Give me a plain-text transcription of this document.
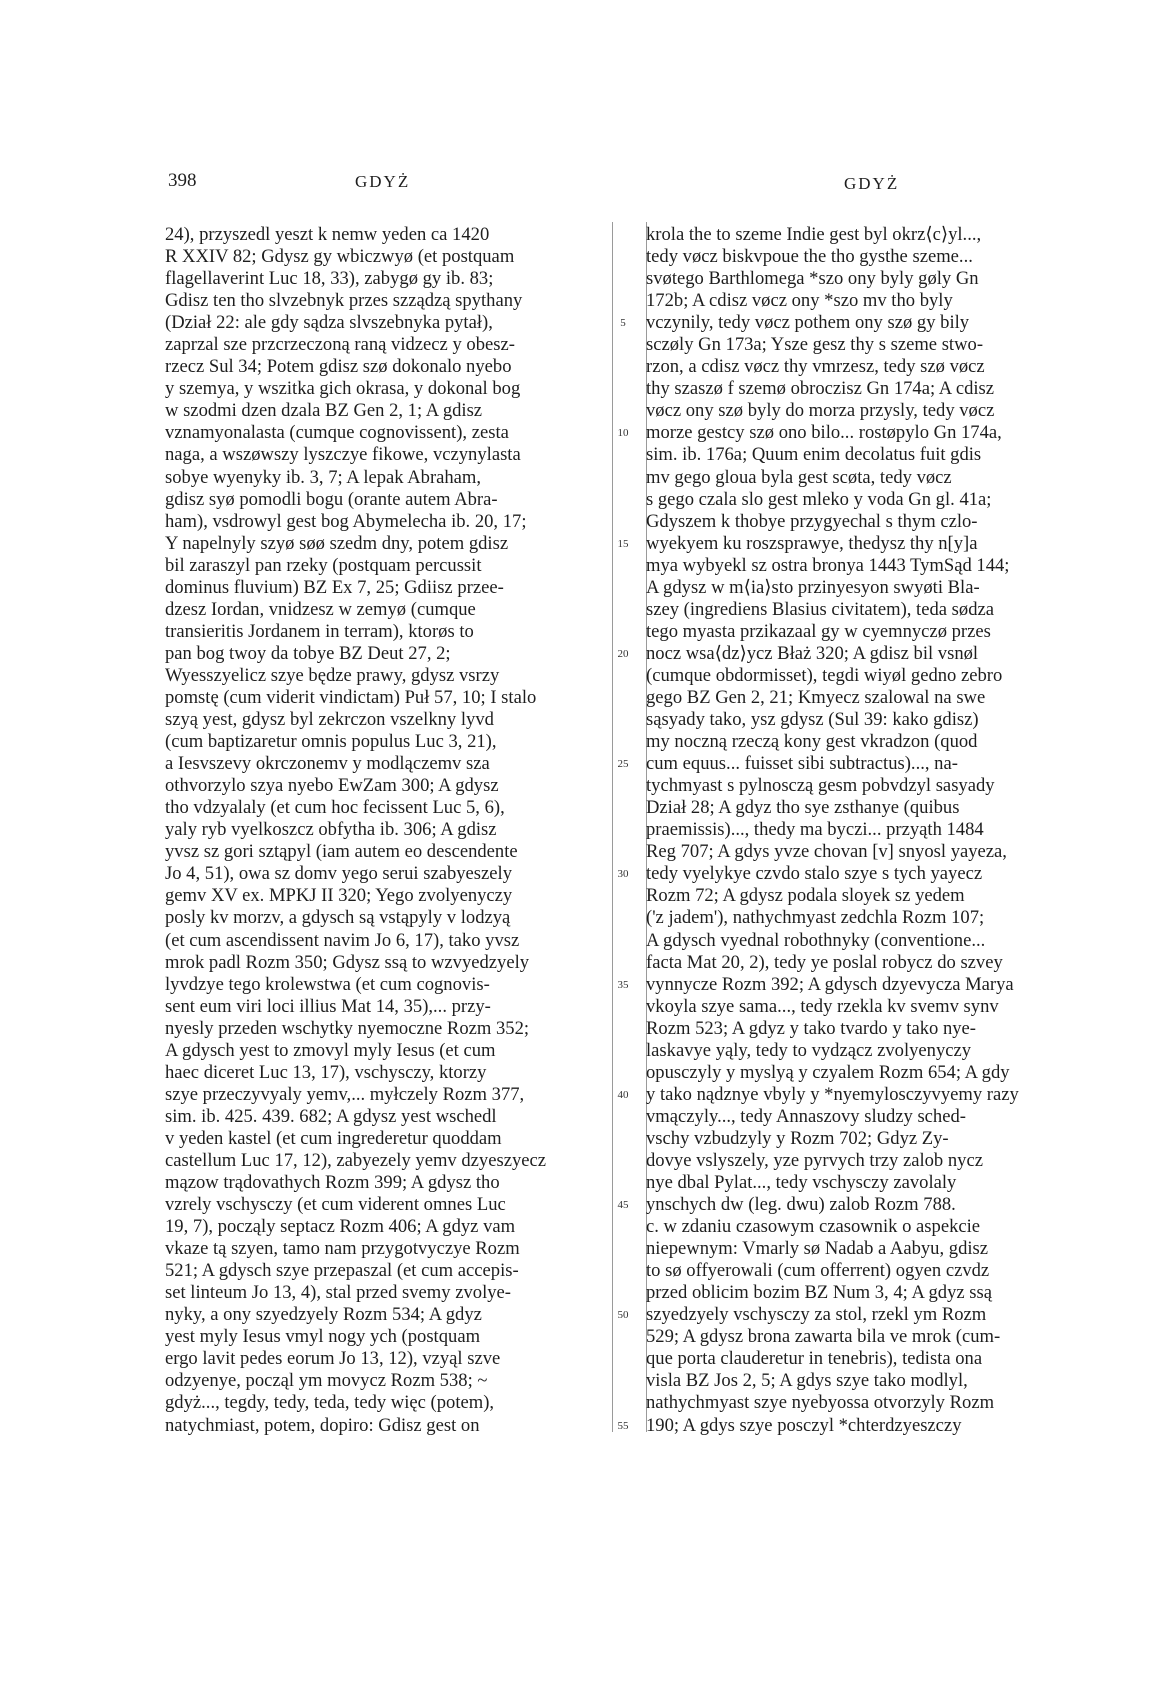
398	GDYŻ	GDYŻ
24), przyszedl yeszt k nemw yeden ca 1420
R XXIV 82; Gdysz gy wbiczwyø (et postquam
flagellaverint Luc 18, 33), zabygø gy ib. 83;
Gdisz ten tho slvzebnyk przes szządzą spythany
(Dział 22: ale gdy sądza slvszebnyka pytał),
zaprzal sze przcrzeczoną raną vidzecz y obesz-
rzecz Sul 34; Potem gdisz szø dokonalo nyebo
y szemya, y wszitka gich okrasa, y dokonal bog
w szodmi dzen dzala BZ Gen 2, 1; A gdisz
vznamyonalasta (cumque cognovissent), zesta
naga, a wszøwszy lyszczye fikowe, vczynylasta
sobye wyenyky ib. 3, 7; A lepak Abraham,
gdisz syø pomodli bogu (orante autem Abra-
ham), vsdrowyl gest bog Abymelecha ib. 20, 17;
Y napelnyly szyø søø szedm dny, potem gdisz
bil zaraszyl pan rzeky (postquam percussit
dominus fluvium) BZ Ex 7, 25; Gdiisz przee-
dzesz Iordan, vnidzesz w zemyø (cumque
transieritis Jordanem in terram), ktorøs to
pan bog twoy da tobye BZ Deut 27, 2;
Wyesszyelicz szye będze prawy, gdysz vsrzy
pomstę (cum viderit vindictam) Puł 57, 10; I stalo
szyą yest, gdysz byl zekrczon vszelkny lyvd
(cum baptizaretur omnis populus Luc 3, 21),
a Iesvszevy okrczonemv y modlączemv sza
othvorzylo szya nyebo EwZam 300; A gdysz
tho vdzyalaly (et cum hoc fecissent Luc 5, 6),
yaly ryb vyelkoszcz obfytha ib. 306; A gdisz
yvsz sz gori sztąpyl (iam autem eo descendente
Jo 4, 51), owa sz domv yego serui szabyeszely
gemv XV ex. MPKJ II 320; Yego zvolyenyczy
posly kv morzv, a gdysch są vstąpyly v lodzyą
(et cum ascendissent navim Jo 6, 17), tako yvsz
mrok padl Rozm 350; Gdysz ssą to wzvyedzyely
lyvdzye tego krolewstwa (et cum cognovis-
sent eum viri loci illius Mat 14, 35),... przy-
nyesly przeden wschytky nyemoczne Rozm 352;
A gdysch yest to zmovyl myly Iesus (et cum
haec diceret Luc 13, 17), vschysczy, ktorzy
szye przeczyvyaly yemv,... myłczely Rozm 377,
sim. ib. 425. 439. 682; A gdysz yest wschedl
v yeden kastel (et cum ingrederetur quoddam
castellum Luc 17, 12), zabyezely yemv dzyeszyecz
mązow trądovathych Rozm 399; A gdysz tho
vzrely vschysczy (et cum viderent omnes Luc
19, 7), począly septacz Rozm 406; A gdyz vam
vkaze tą szyen, tamo nam przygotvyczye Rozm
521; A gdysch szye przepaszal (et cum accepis-
set linteum Jo 13, 4), stal przed svemy zvolye-
nyky, a ony szyedzyely Rozm 534; A gdyz
yest myly Iesus vmyl nogy ych (postquam
ergo lavit pedes eorum Jo 13, 12), vzyąl szve
odzyenye, począl ym movycz Rozm 538; ~
gdyż..., tegdy, tedy, teda, tedy więc (potem),
natychmiast, potem, dopiro: Gdisz gest on
5
10
15
20
25
30
35
40
45
50
55
krola the to szeme Indie gest byl okrz⟨c⟩yl...,
tedy vøcz biskvpoue the tho gysthe szeme...
svøtego Barthlomega *szo ony byly gøly Gn
172b; A cdisz vøcz ony *szo mv tho byly
vczynily, tedy vøcz pothem ony szø gy bily
sczøly Gn 173a; Ysze gesz thy s szeme stwo-
rzon, a cdisz vøcz thy vmrzesz, tedy szø vøcz
thy szaszø f szemø obroczisz Gn 174a; A cdisz
vøcz ony szø byly do morza przysly, tedy vøcz
morze gestcy szø ono bilo... rostøpylo Gn 174a,
sim. ib. 176a; Quum enim decolatus fuit gdis
mv gego gloua byla gest scøta, tedy vøcz
s gego czala slo gest mleko y voda Gn gl. 41a;
Gdyszem k thobye przygyechal s thym czlo-
wyekyem ku roszsprawye, thedysz thy n[y]a
mya wybyekl sz ostra bronya 1443 TymSąd 144;
A gdysz w m⟨ia⟩sto przinyesyon swyøti Bla-
szey (ingrediens Blasius civitatem), teda sødza
tego myasta przikazaal gy w cyemnyczø przes
nocz wsa⟨dz⟩ycz Błaż 320; A gdisz bil vsnøl
(cumque obdormisset), tegdi wiyøl gedno zebro
gego BZ Gen 2, 21; Kmyecz szalowal na swe
sąsyady tako, ysz gdysz (Sul 39: kako gdisz)
my noczną rzeczą kony gest vkradzon (quod
cum equus... fuisset sibi subtractus)..., na-
tychmyast s pylnosczą gesm pobvdzyl sasyady
Dział 28; A gdyz tho sye zsthanye (quibus
praemissis)..., thedy ma byczi... przyąth 1484
Reg 707; A gdys yvze chovan [v] snyosl yayeza,
tedy vyelykye czvdo stalo szye s tych yayecz
Rozm 72; A gdysz podala sloyek sz yedem
('z jadem'), nathychmyast zedchla Rozm 107;
A gdysch vyednal robothnyky (conventione...
facta Mat 20, 2), tedy ye poslal robycz do szvey
vynnycze Rozm 392; A gdysch dzyevycza Marya
vkoyla szye sama..., tedy rzekla kv svemv synv
Rozm 523; A gdyz y tako tvardo y tako nye-
laskavye yąly, tedy to vydząсz zvolyenyczy
opusczyly y myslyą y czyalem Rozm 654; A gdy
y tako nądznye vbyly y *nyemylosczyvyemy razy
vmączyly..., tedy Annaszovy sludzy sched-
vschy vzbudzyly y Rozm 702; Gdyz Zy-
dovye vslyszely, yze pyrvych trzy zalob nycz
nye dbal Pylat..., tedy vschysczy zavolaly
ynschych dw (leg. dwu) zalob Rozm 788.
c. w zdaniu czasowym czasownik o aspekcie
niepewnym: Vmarly sø Nadab a Aabyu, gdisz
to sø offyerowali (cum offerrent) ogyen czvdz
przed oblicim bozim BZ Num 3, 4; A gdyz ssą
szyedzyely vschysczy za stol, rzekl ym Rozm
529; A gdysz brona zawarta bila ve mrok (cum-
que porta clauderetur in tenebris), tedista ona
visla BZ Jos 2, 5; A gdys szye tako modlyl,
nathychmyast szye nyebyossa otvorzyly Rozm
190; A gdys szye posczyl *chterdzyeszczy
